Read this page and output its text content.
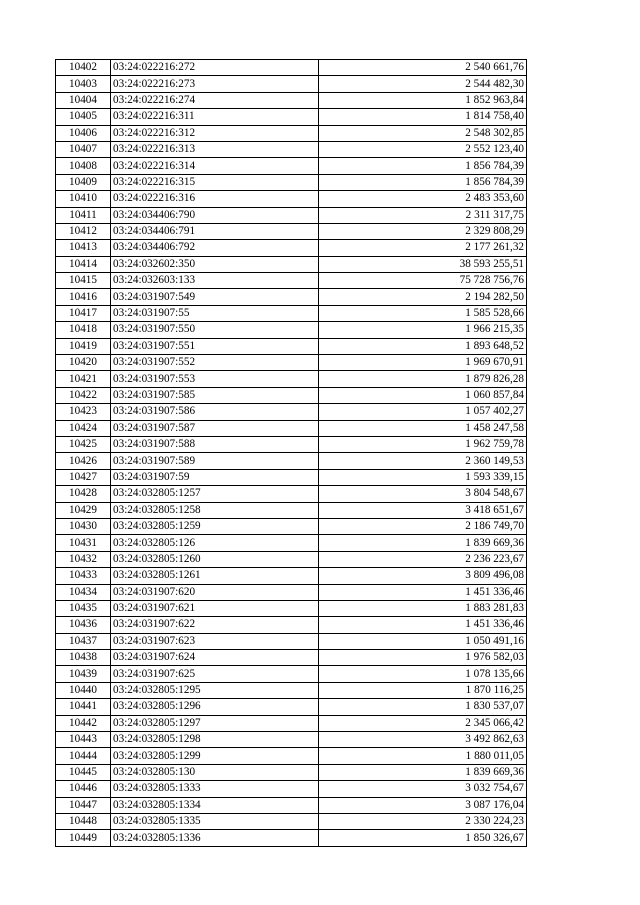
10402	03:24:022216:272	2 540 661,76
10403	03:24:022216:273	2 544 482,30
10404	03:24:022216:274	1 852 963,84
10405	03:24:022216:311	1 814 758,40
10406	03:24:022216:312	2 548 302,85
10407	03:24:022216:313	2 552 123,40
10408	03:24:022216:314	1 856 784,39
10409	03:24:022216:315	1 856 784,39
10410	03:24:022216:316	2 483 353,60
10411	03:24:034406:790	2 311 317,75
10412	03:24:034406:791	2 329 808,29
10413	03:24:034406:792	2 177 261,32
10414	03:24:032602:350	38 593 255,51
10415	03:24:032603:133	75 728 756,76
10416	03:24:031907:549	2 194 282,50
10417	03:24:031907:55	1 585 528,66
10418	03:24:031907:550	1 966 215,35
10419	03:24:031907:551	1 893 648,52
10420	03:24:031907:552	1 969 670,91
10421	03:24:031907:553	1 879 826,28
10422	03:24:031907:585	1 060 857,84
10423	03:24:031907:586	1 057 402,27
10424	03:24:031907:587	1 458 247,58
10425	03:24:031907:588	1 962 759,78
10426	03:24:031907:589	2 360 149,53
10427	03:24:031907:59	1 593 339,15
10428	03:24:032805:1257	3 804 548,67
10429	03:24:032805:1258	3 418 651,67
10430	03:24:032805:1259	2 186 749,70
10431	03:24:032805:126	1 839 669,36
10432	03:24:032805:1260	2 236 223,67
10433	03:24:032805:1261	3 809 496,08
10434	03:24:031907:620	1 451 336,46
10435	03:24:031907:621	1 883 281,83
10436	03:24:031907:622	1 451 336,46
10437	03:24:031907:623	1 050 491,16
10438	03:24:031907:624	1 976 582,03
10439	03:24:031907:625	1 078 135,66
10440	03:24:032805:1295	1 870 116,25
10441	03:24:032805:1296	1 830 537,07
10442	03:24:032805:1297	2 345 066,42
10443	03:24:032805:1298	3 492 862,63
10444	03:24:032805:1299	1 880 011,05
10445	03:24:032805:130	1 839 669,36
10446	03:24:032805:1333	3 032 754,67
10447	03:24:032805:1334	3 087 176,04
10448	03:24:032805:1335	2 330 224,23
10449	03:24:032805:1336	1 850 326,67
